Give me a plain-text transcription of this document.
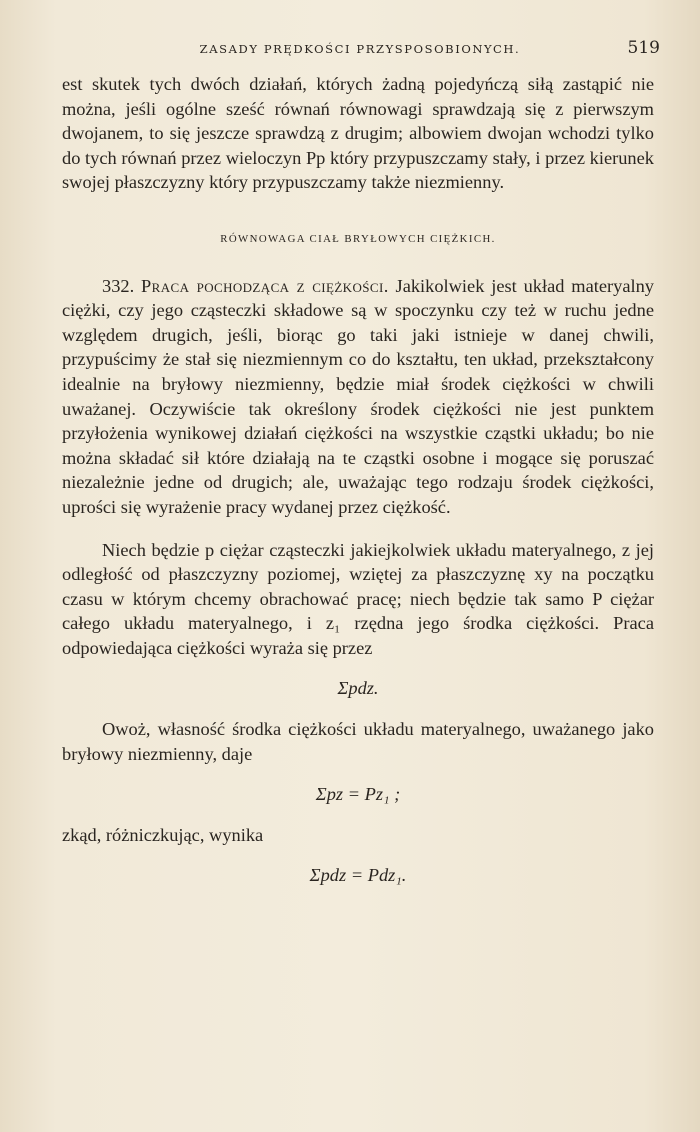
ZASADY PRĘDKOŚCI PRZYSPOSOBIONYCH.	519

est skutek tych dwóch działań, których żadną pojedyńczą siłą zastąpić nie można, jeśli ogólne sześć równań równowagi sprawdzają się z pierwszym dwojanem, to się jeszcze sprawdzą z drugim; albowiem dwojan wchodzi tylko do tych równań przez wieloczyn Pp który przypuszczamy stały, i przez kierunek swojej płaszczyzny który przypuszczamy także niezmienny.

RÓWNOWAGA CIAŁ BRYŁOWYCH CIĘŻKICH.

332. Praca pochodząca z ciężkości. Jakikolwiek jest układ materyalny ciężki, czy jego cząsteczki składowe są w spoczynku czy też w ruchu jedne względem drugich, jeśli, biorąc go taki jaki istnieje w danej chwili, przypuścimy że stał się niezmiennym co do kształtu, ten układ, przekształcony idealnie na bryłowy niezmienny, będzie miał środek ciężkości w chwili uważanej. Oczywiście tak określony środek ciężkości nie jest punktem przyłożenia wynikowej działań ciężkości na wszystkie cząstki układu; bo nie można składać sił które działają na te cząstki osobne i mogące się poruszać niezależnie jedne od drugich; ale, uważając tego rodzaju środek ciężkości, uprości się wyrażenie pracy wydanej przez ciężkość.

Niech będzie p ciężar cząsteczki jakiejkolwiek układu materyalnego, z jej odległość od płaszczyzny poziomej, wziętej za płaszczyznę xy na początku czasu w którym chcemy obrachować pracę; niech będzie tak samo P ciężar całego układu materyalnego, i z₁ rzędna jego środka ciężkości. Praca odpowiedająca ciężkości wyraża się przez

Σpdz.

Owoż, własność środka ciężkości układu materyalnego, uważanego jako bryłowy niezmienny, daje

Σpz = Pz₁ ;

zkąd, różniczkując, wynika

Σpdz = Pdz₁.
